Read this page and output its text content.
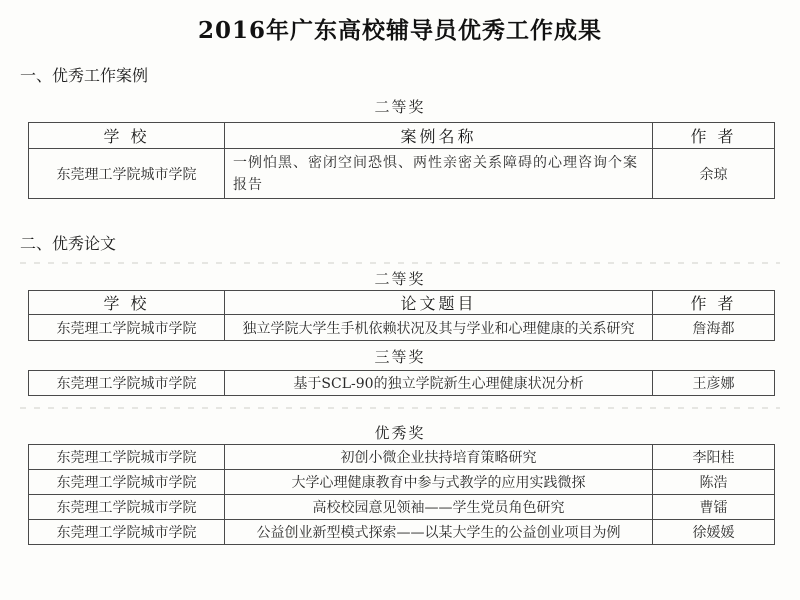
2016年广东高校辅导员优秀工作成果
一、优秀工作案例
二等奖
学 校	案例名称	作 者
东莞理工学院城市学院	一例怕黑、密闭空间恐惧、两性亲密关系障碍的心理咨询个案报告	余琼
二、优秀论文
二等奖
学 校	论文题目	作 者
东莞理工学院城市学院	独立学院大学生手机依赖状况及其与学业和心理健康的关系研究	詹海都
三等奖
东莞理工学院城市学院	基于SCL-90的独立学院新生心理健康状况分析	王彦娜
优秀奖
东莞理工学院城市学院	初创小微企业扶持培育策略研究	李阳桂
东莞理工学院城市学院	大学心理健康教育中参与式教学的应用实践微探	陈浩
东莞理工学院城市学院	高校校园意见领袖——学生党员角色研究	曹镭
东莞理工学院城市学院	公益创业新型模式探索——以某大学生的公益创业项目为例	徐媛媛
